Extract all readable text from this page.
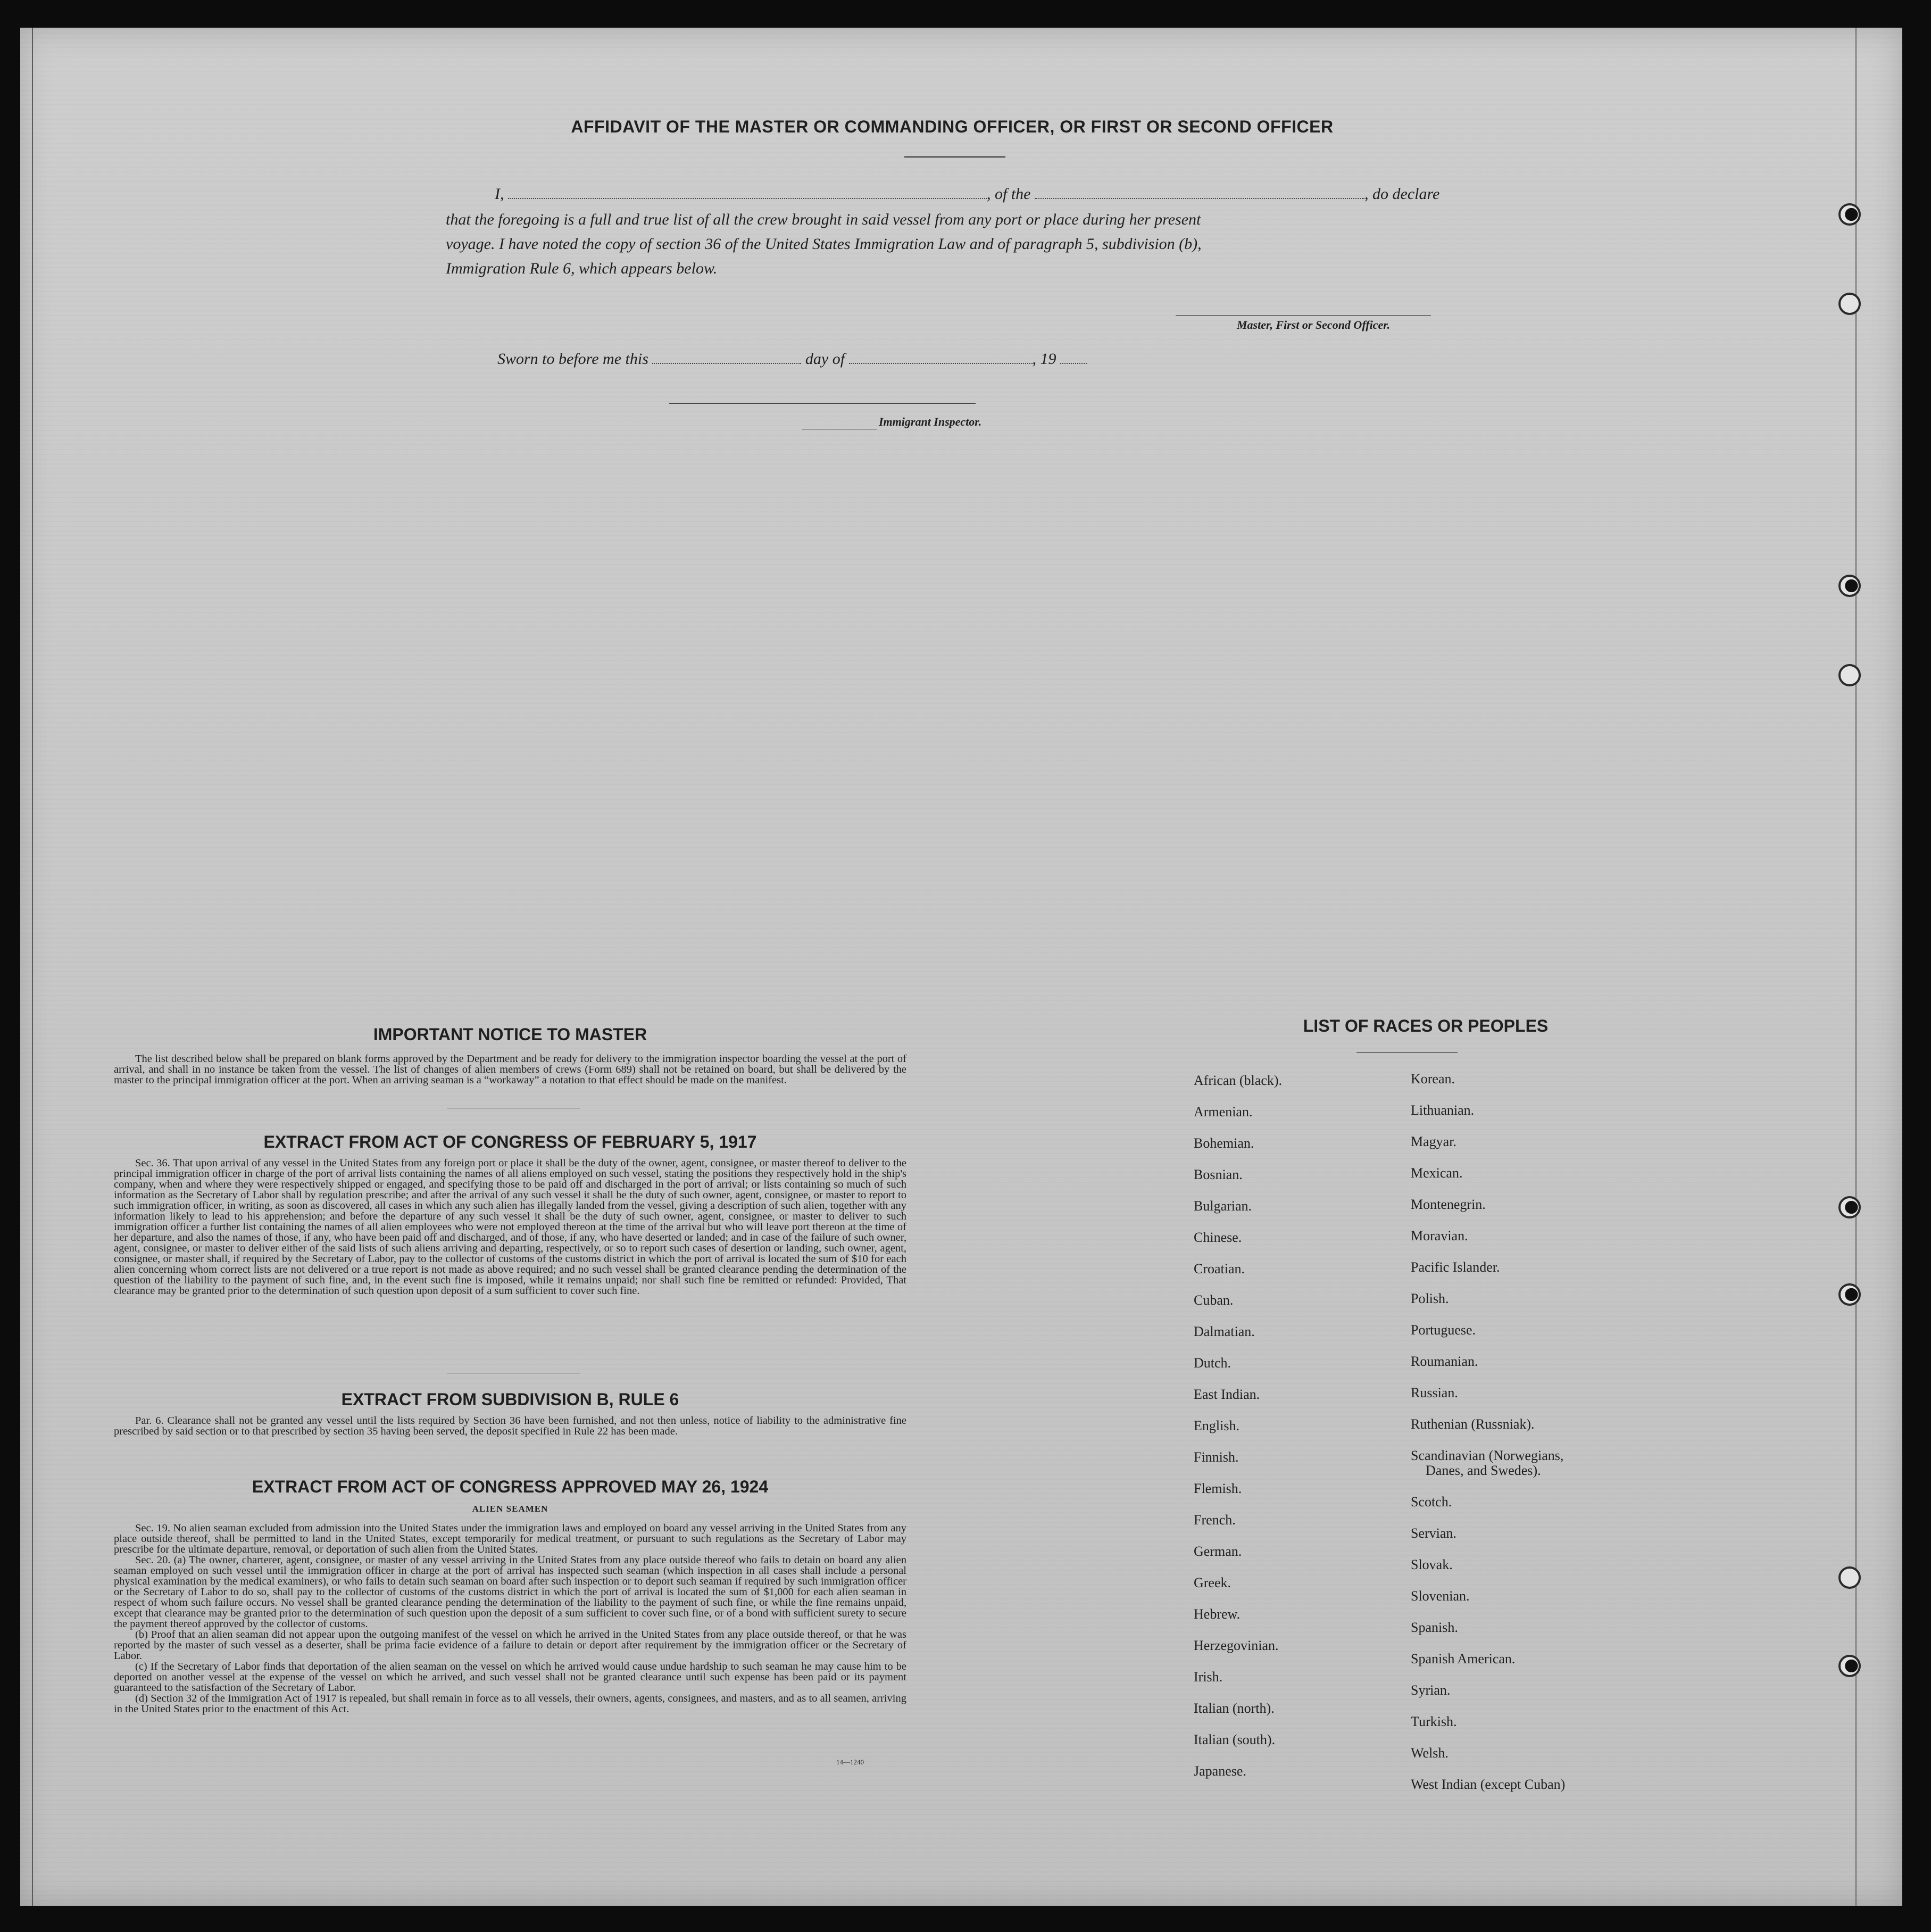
AFFIDAVIT OF THE MASTER OR COMMANDING OFFICER, OR FIRST OR SECOND OFFICER
I,	, of the	, do declare
that the foregoing is a full and true list of all the crew brought in said vessel from any port or place during her present
voyage. I have noted the copy of section 36 of the United States Immigration Law and of paragraph 5, subdivision (b),
Immigration Rule 6, which appears below.
Master, First or Second Officer.
Sworn to before me this	day of	, 19
Immigrant Inspector.
IMPORTANT NOTICE TO MASTER

The list described below shall be prepared on blank forms approved by the Department and be ready for delivery to the immigration inspector boarding the vessel at the port of arrival, and shall in no instance be taken from the vessel. The list of changes of alien members of crews (Form 689) shall not be retained on board, but shall be delivered by the master to the principal immigration officer at the port. When an arriving seaman is a “workaway” a notation to that effect should be made on the manifest.

EXTRACT FROM ACT OF CONGRESS OF FEBRUARY 5, 1917

Sec. 36. That upon arrival of any vessel in the United States from any foreign port or place it shall be the duty of the owner, agent, consignee, or master thereof to deliver to the principal immigration officer in charge of the port of arrival lists containing the names of all aliens employed on such vessel, stating the positions they respectively hold in the ship's company, when and where they were respectively shipped or engaged, and specifying those to be paid off and discharged in the port of arrival; or lists containing so much of such information as the Secretary of Labor shall by regulation prescribe; and after the arrival of any such vessel it shall be the duty of such owner, agent, consignee, or master to report to such immigration officer, in writing, as soon as discovered, all cases in which any such alien has illegally landed from the vessel, giving a description of such alien, together with any information likely to lead to his apprehension; and before the departure of any such vessel it shall be the duty of such owner, agent, consignee, or master to deliver to such immigration officer a further list containing the names of all alien employees who were not employed thereon at the time of the arrival but who will leave port thereon at the time of her departure, and also the names of those, if any, who have been paid off and discharged, and of those, if any, who have deserted or landed; and in case of the failure of such owner, agent, consignee, or master to deliver either of the said lists of such aliens arriving and departing, respectively, or so to report such cases of desertion or landing, such owner, agent, consignee, or master shall, if required by the Secretary of Labor, pay to the collector of customs of the customs district in which the port of arrival is located the sum of $10 for each alien concerning whom correct lists are not delivered or a true report is not made as above required; and no such vessel shall be granted clearance pending the determination of the question of the liability to the payment of such fine, and, in the event such fine is imposed, while it remains unpaid; nor shall such fine be remitted or refunded: Provided, That clearance may be granted prior to the determination of such question upon deposit of a sum sufficient to cover such fine.

EXTRACT FROM SUBDIVISION B, RULE 6

Par. 6. Clearance shall not be granted any vessel until the lists required by Section 36 have been furnished, and not then unless, notice of liability to the administrative fine prescribed by said section or to that prescribed by section 35 having been served, the deposit specified in Rule 22 has been made.

EXTRACT FROM ACT OF CONGRESS APPROVED MAY 26, 1924
ALIEN SEAMEN

Sec. 19. No alien seaman excluded from admission into the United States under the immigration laws and employed on board any vessel arriving in the United States from any place outside thereof, shall be permitted to land in the United States, except temporarily for medical treatment, or pursuant to such regulations as the Secretary of Labor may prescribe for the ultimate departure, removal, or deportation of such alien from the United States.

Sec. 20. (a) The owner, charterer, agent, consignee, or master of any vessel arriving in the United States from any place outside thereof who fails to detain on board any alien seaman employed on such vessel until the immigration officer in charge at the port of arrival has inspected such seaman (which inspection in all cases shall include a personal physical examination by the medical examiners), or who fails to detain such seaman on board after such inspection or to deport such seaman if required by such immigration officer or the Secretary of Labor to do so, shall pay to the collector of customs of the customs district in which the port of arrival is located the sum of $1,000 for each alien seaman in respect of whom such failure occurs. No vessel shall be granted clearance pending the determination of the liability to the payment of such fine, or while the fine remains unpaid, except that clearance may be granted prior to the determination of such question upon the deposit of a sum sufficient to cover such fine, or of a bond with sufficient surety to secure the payment thereof approved by the collector of customs.

(b) Proof that an alien seaman did not appear upon the outgoing manifest of the vessel on which he arrived in the United States from any place outside thereof, or that he was reported by the master of such vessel as a deserter, shall be prima facie evidence of a failure to detain or deport after requirement by the immigration officer or the Secretary of Labor.

(c) If the Secretary of Labor finds that deportation of the alien seaman on the vessel on which he arrived would cause undue hardship to such seaman he may cause him to be deported on another vessel at the expense of the vessel on which he arrived, and such vessel shall not be granted clearance until such expense has been paid or its payment guaranteed to the satisfaction of the Secretary of Labor.

(d) Section 32 of the Immigration Act of 1917 is repealed, but shall remain in force as to all vessels, their owners, agents, consignees, and masters, and as to all seamen, arriving in the United States prior to the enactment of this Act.

14—1240
LIST OF RACES OR PEOPLES
African (black).
Armenian.
Bohemian.
Bosnian.
Bulgarian.
Chinese.
Croatian.
Cuban.
Dalmatian.
Dutch.
East Indian.
English.
Finnish.
Flemish.
French.
German.
Greek.
Hebrew.
Herzegovinian.
Irish.
Italian (north).
Italian (south).
Japanese.
Korean.
Lithuanian.
Magyar.
Mexican.
Montenegrin.
Moravian.
Pacific Islander.
Polish.
Portuguese.
Roumanian.
Russian.
Ruthenian (Russniak).
Scandinavian (Norwegians,
Danes, and Swedes).
Scotch.
Servian.
Slovak.
Slovenian.
Spanish.
Spanish American.
Syrian.
Turkish.
Welsh.
West Indian (except Cuban)
